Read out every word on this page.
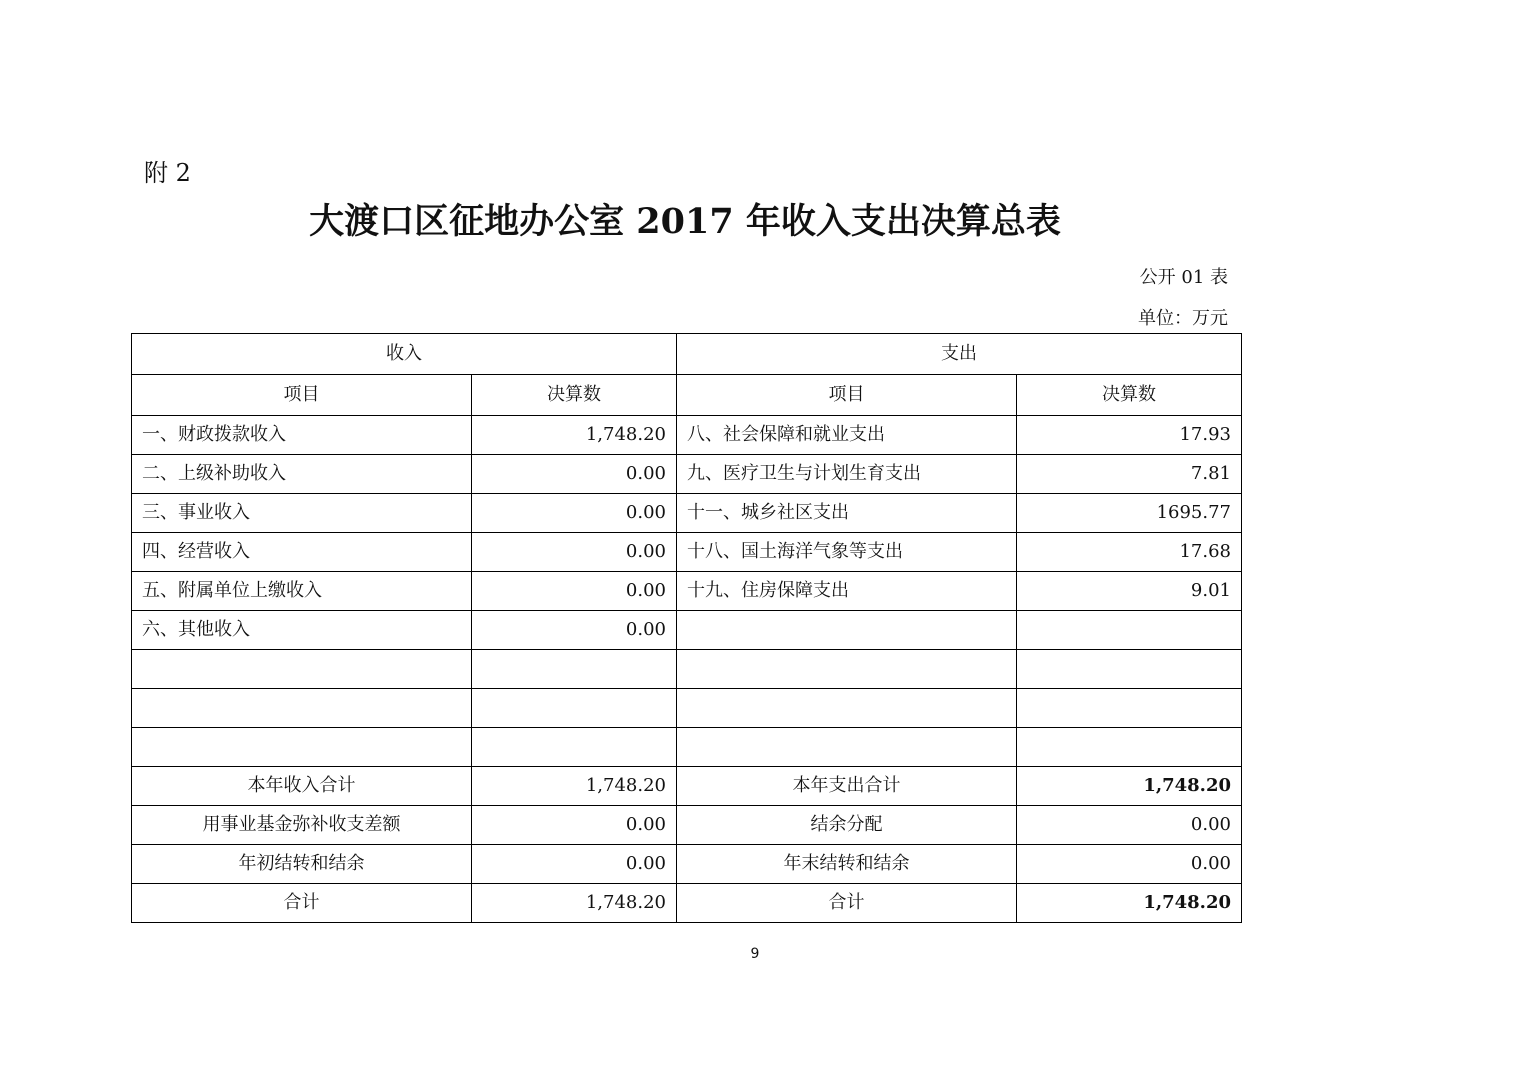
附 2
大渡口区征地办公室 2017 年收入支出决算总表
公开 01 表
单位：万元
收入		支出	
项目	决算数	项目	决算数
一、财政拨款收入	1,748.20	八、社会保障和就业支出	17.93
二、上级补助收入	0.00	九、医疗卫生与计划生育支出	7.81
三、事业收入	0.00	十一、城乡社区支出	1695.77
四、经营收入	0.00	十八、国土海洋气象等支出	17.68
五、附属单位上缴收入	0.00	十九、住房保障支出	9.01
六、其他收入	0.00		

本年收入合计	1,748.20	本年支出合计	1,748.20
用事业基金弥补收支差额	0.00	结余分配	0.00
年初结转和结余	0.00	年末结转和结余	0.00
合计	1,748.20	合计	1,748.20
9
